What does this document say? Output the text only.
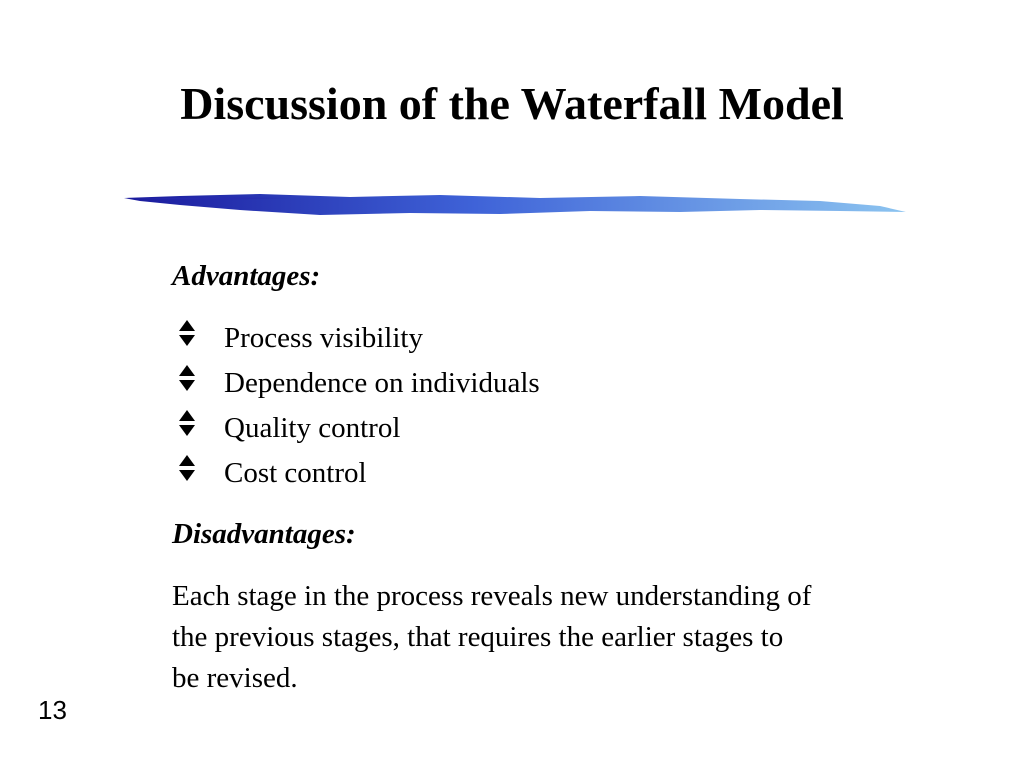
Discussion of the Waterfall Model
Advantages:
Process visibility
Dependence on individuals
Quality control
Cost control
Disadvantages:

Each stage in the process reveals new understanding of the previous stages, that requires the earlier stages to be revised.

13
